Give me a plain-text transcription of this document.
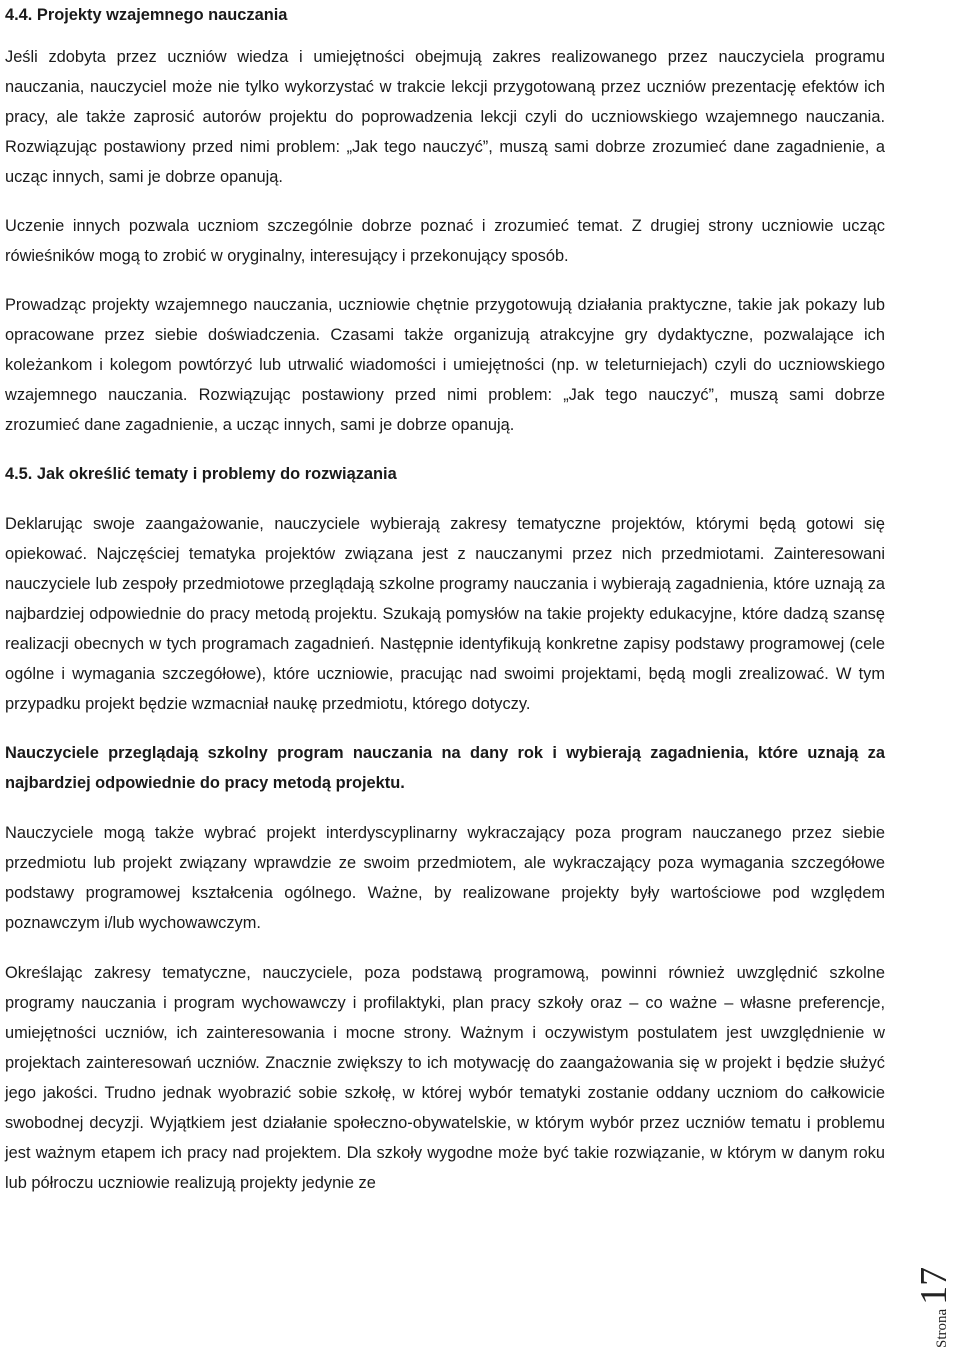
4.4. Projekty wzajemnego nauczania

Jeśli zdobyta przez uczniów wiedza i umiejętności obejmują zakres realizowanego przez nauczyciela programu nauczania, nauczyciel może nie tylko wykorzystać w trakcie lekcji przygotowaną przez uczniów prezentację efektów ich pracy, ale także zaprosić autorów projektu do poprowadzenia lekcji czyli do uczniowskiego wzajemnego nauczania. Rozwiązując postawiony przed nimi problem: „Jak tego nauczyć”, muszą sami dobrze zrozumieć dane zagadnienie, a ucząc innych, sami je dobrze opanują.

Uczenie innych pozwala uczniom szczególnie dobrze poznać i zrozumieć temat. Z drugiej strony uczniowie ucząc rówieśników mogą to zrobić w oryginalny, interesujący i przekonujący sposób.

Prowadząc projekty wzajemnego nauczania, uczniowie chętnie przygotowują działania praktyczne, takie jak pokazy lub opracowane przez siebie doświadczenia. Czasami także organizują atrakcyjne gry dydaktyczne, pozwalające ich koleżankom i kolegom powtórzyć lub utrwalić wiadomości i umiejętności (np. w teleturniejach) czyli do uczniowskiego wzajemnego nauczania. Rozwiązując postawiony przed nimi problem: „Jak tego nauczyć”, muszą sami dobrze zrozumieć dane zagadnienie, a ucząc innych, sami je dobrze opanują.

4.5. Jak określić tematy i problemy do rozwiązania

Deklarując swoje zaangażowanie, nauczyciele wybierają zakresy tematyczne projektów, którymi będą gotowi się opiekować. Najczęściej tematyka projektów związana jest z nauczanymi przez nich przedmiotami. Zainteresowani nauczyciele lub zespoły przedmiotowe przeglądają szkolne programy nauczania i wybierają zagadnienia, które uznają za najbardziej odpowiednie do pracy metodą projektu. Szukają pomysłów na takie projekty edukacyjne, które dadzą szansę realizacji obecnych w tych programach zagadnień. Następnie identyfikują konkretne zapisy podstawy programowej (cele ogólne i wymagania szczegółowe), które uczniowie, pracując nad swoimi projektami, będą mogli zrealizować. W tym przypadku projekt będzie wzmacniał naukę przedmiotu, którego dotyczy.

Nauczyciele przeglądają szkolny program nauczania na dany rok i wybierają zagadnienia, które uznają za najbardziej odpowiednie do pracy metodą projektu.

Nauczyciele mogą także wybrać projekt interdyscyplinarny wykraczający poza program nauczanego przez siebie przedmiotu lub projekt związany wprawdzie ze swoim przedmiotem, ale wykraczający poza wymagania szczegółowe podstawy programowej kształcenia ogólnego. Ważne, by realizowane projekty były wartościowe pod względem poznawczym i/lub wychowawczym.

Określając zakresy tematyczne, nauczyciele, poza podstawą programową, powinni również uwzględnić szkolne programy nauczania i program wychowawczy i profilaktyki, plan pracy szkoły oraz – co ważne – własne preferencje, umiejętności uczniów, ich zainteresowania i mocne strony. Ważnym i oczywistym postulatem jest uwzględnienie w projektach zainteresowań uczniów. Znacznie zwiększy to ich motywację do zaangażowania się w projekt i będzie służyć jego jakości. Trudno jednak wyobrazić sobie szkołę, w której wybór tematyki zostanie oddany uczniom do całkowicie swobodnej decyzji. Wyjątkiem jest działanie społeczno-obywatelskie, w którym wybór przez uczniów tematu i problemu jest ważnym etapem ich pracy nad projektem. Dla szkoły wygodne może być takie rozwiązanie, w którym w danym roku lub półroczu uczniowie realizują projekty jedynie ze

Strona
17
